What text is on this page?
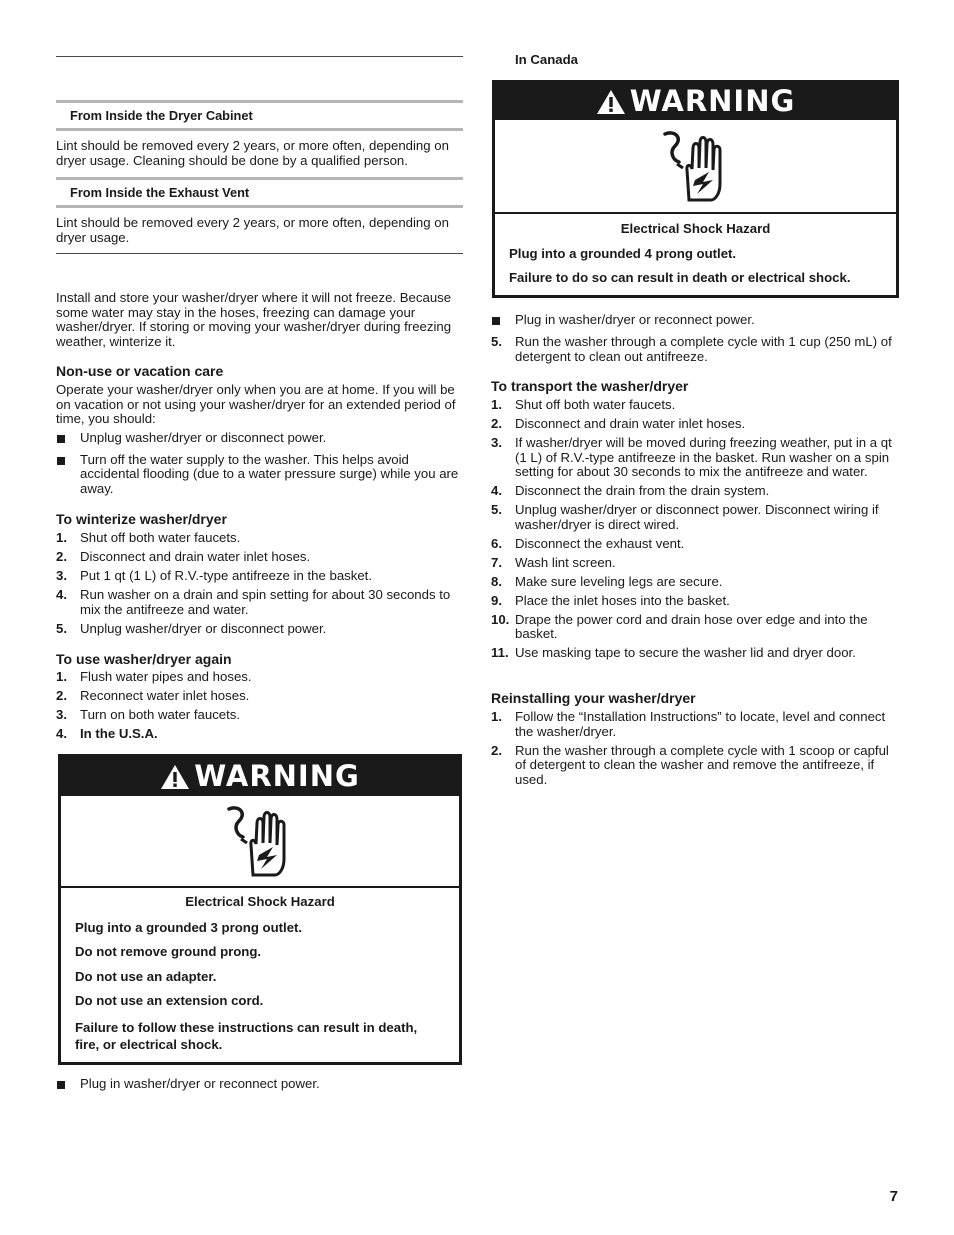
From Inside the Dryer Cabinet

Lint should be removed every 2 years, or more often, depending on dryer usage. Cleaning should be done by a qualified person.

From Inside the Exhaust Vent

Lint should be removed every 2 years, or more often, depending on dryer usage.

Install and store your washer/dryer where it will not freeze. Because some water may stay in the hoses, freezing can damage your washer/dryer. If storing or moving your washer/dryer during freezing weather, winterize it.

Non-use or vacation care

Operate your washer/dryer only when you are at home. If you will be on vacation or not using your washer/dryer for an extended period of time, you should:

Unplug washer/dryer or disconnect power.
Turn off the water supply to the washer. This helps avoid accidental flooding (due to a water pressure surge) while you are away.
To winterize washer/dryer
1. Shut off both water faucets.
2. Disconnect and drain water inlet hoses.
3. Put 1 qt (1 L) of R.V.-type antifreeze in the basket.
4. Run washer on a drain and spin setting for about 30 seconds to mix the antifreeze and water.
5. Unplug washer/dryer or disconnect power.
To use washer/dryer again
1. Flush water pipes and hoses.
2. Reconnect water inlet hoses.
3. Turn on both water faucets.
4. In the U.S.A.
WARNING
Electrical Shock Hazard
Plug into a grounded 3 prong outlet.
Do not remove ground prong.
Do not use an adapter.
Do not use an extension cord.
Failure to follow these instructions can result in death, fire, or electrical shock.
Plug in washer/dryer or reconnect power.
In Canada
WARNING
Electrical Shock Hazard
Plug into a grounded 4 prong outlet.
Failure to do so can result in death or electrical shock.
Plug in washer/dryer or reconnect power.
5. Run the washer through a complete cycle with 1 cup (250 mL) of detergent to clean out antifreeze.
To transport the washer/dryer
1. Shut off both water faucets.
2. Disconnect and drain water inlet hoses.
3. If washer/dryer will be moved during freezing weather, put in a qt (1 L) of R.V.-type antifreeze in the basket. Run washer on a spin setting for about 30 seconds to mix the antifreeze and water.
4. Disconnect the drain from the drain system.
5. Unplug washer/dryer or disconnect power. Disconnect wiring if washer/dryer is direct wired.
6. Disconnect the exhaust vent.
7. Wash lint screen.
8. Make sure leveling legs are secure.
9. Place the inlet hoses into the basket.
10. Drape the power cord and drain hose over edge and into the basket.
11. Use masking tape to secure the washer lid and dryer door.
Reinstalling your washer/dryer
1. Follow the “Installation Instructions” to locate, level and connect the washer/dryer.
2. Run the washer through a complete cycle with 1 scoop or capful of detergent to clean the washer and remove the antifreeze, if used.
7
